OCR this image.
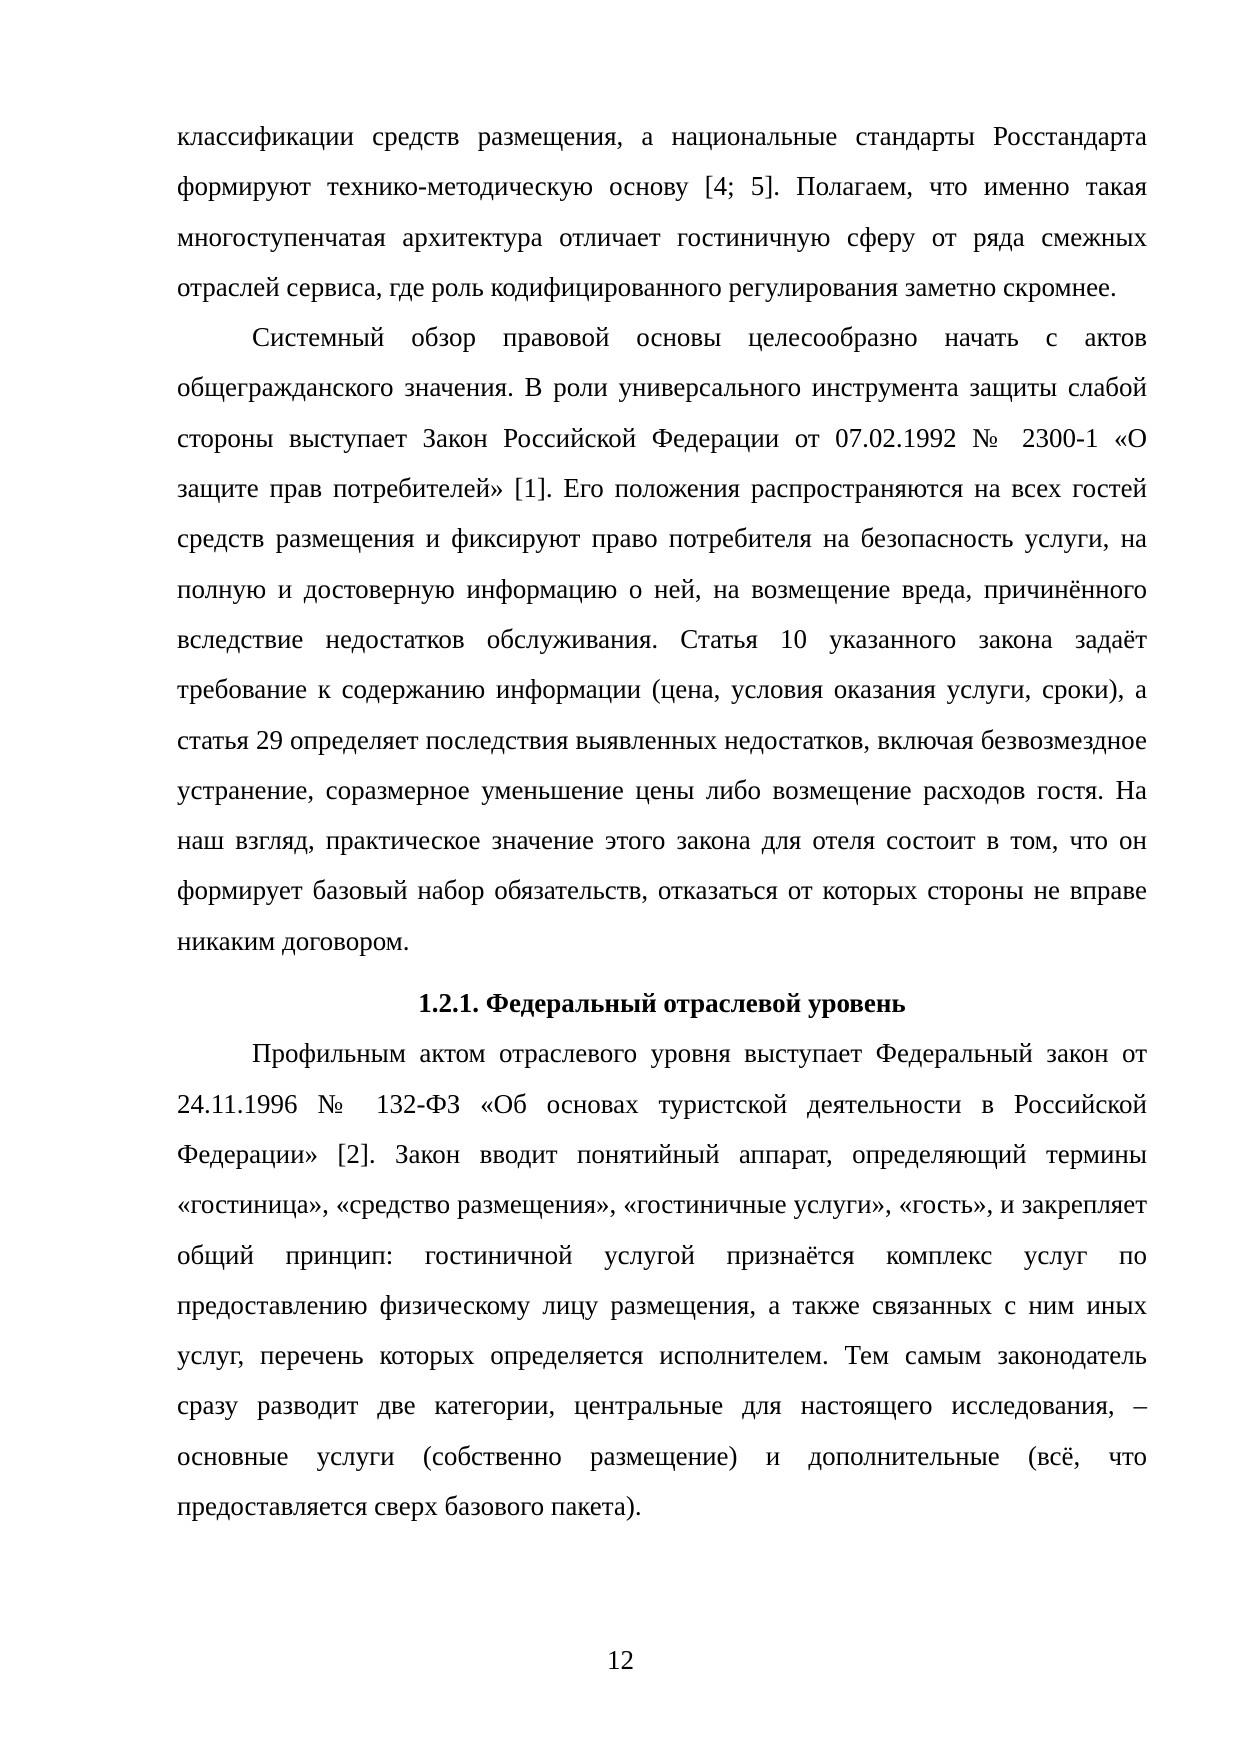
классификации средств размещения, а национальные стандарты Росстандарта формируют технико-методическую основу [4; 5]. Полагаем, что именно такая многоступенчатая архитектура отличает гостиничную сферу от ряда смежных отраслей сервиса, где роль кодифицированного регулирования заметно скромнее.

Системный обзор правовой основы целесообразно начать с актов общегражданского значения. В роли универсального инструмента защиты слабой стороны выступает Закон Российской Федерации от 07.02.1992 № 2300-1 «О защите прав потребителей» [1]. Его положения распространяются на всех гостей средств размещения и фиксируют право потребителя на безопасность услуги, на полную и достоверную информацию о ней, на возмещение вреда, причинённого вследствие недостатков обслуживания. Статья 10 указанного закона задаёт требование к содержанию информации (цена, условия оказания услуги, сроки), а статья 29 определяет последствия выявленных недостатков, включая безвозмездное устранение, соразмерное уменьшение цены либо возмещение расходов гостя. На наш взгляд, практическое значение этого закона для отеля состоит в том, что он формирует базовый набор обязательств, отказаться от которых стороны не вправе никаким договором.

1.2.1. Федеральный отраслевой уровень

Профильным актом отраслевого уровня выступает Федеральный закон от 24.11.1996 № 132-ФЗ «Об основах туристской деятельности в Российской Федерации» [2]. Закон вводит понятийный аппарат, определяющий термины «гостиница», «средство размещения», «гостиничные услуги», «гость», и закрепляет общий принцип: гостиничной услугой признаётся комплекс услуг по предоставлению физическому лицу размещения, а также связанных с ним иных услуг, перечень которых определяется исполнителем. Тем самым законодатель сразу разводит две категории, центральные для настоящего исследования, – основные услуги (собственно размещение) и дополнительные (всё, что предоставляется сверх базового пакета).

12
